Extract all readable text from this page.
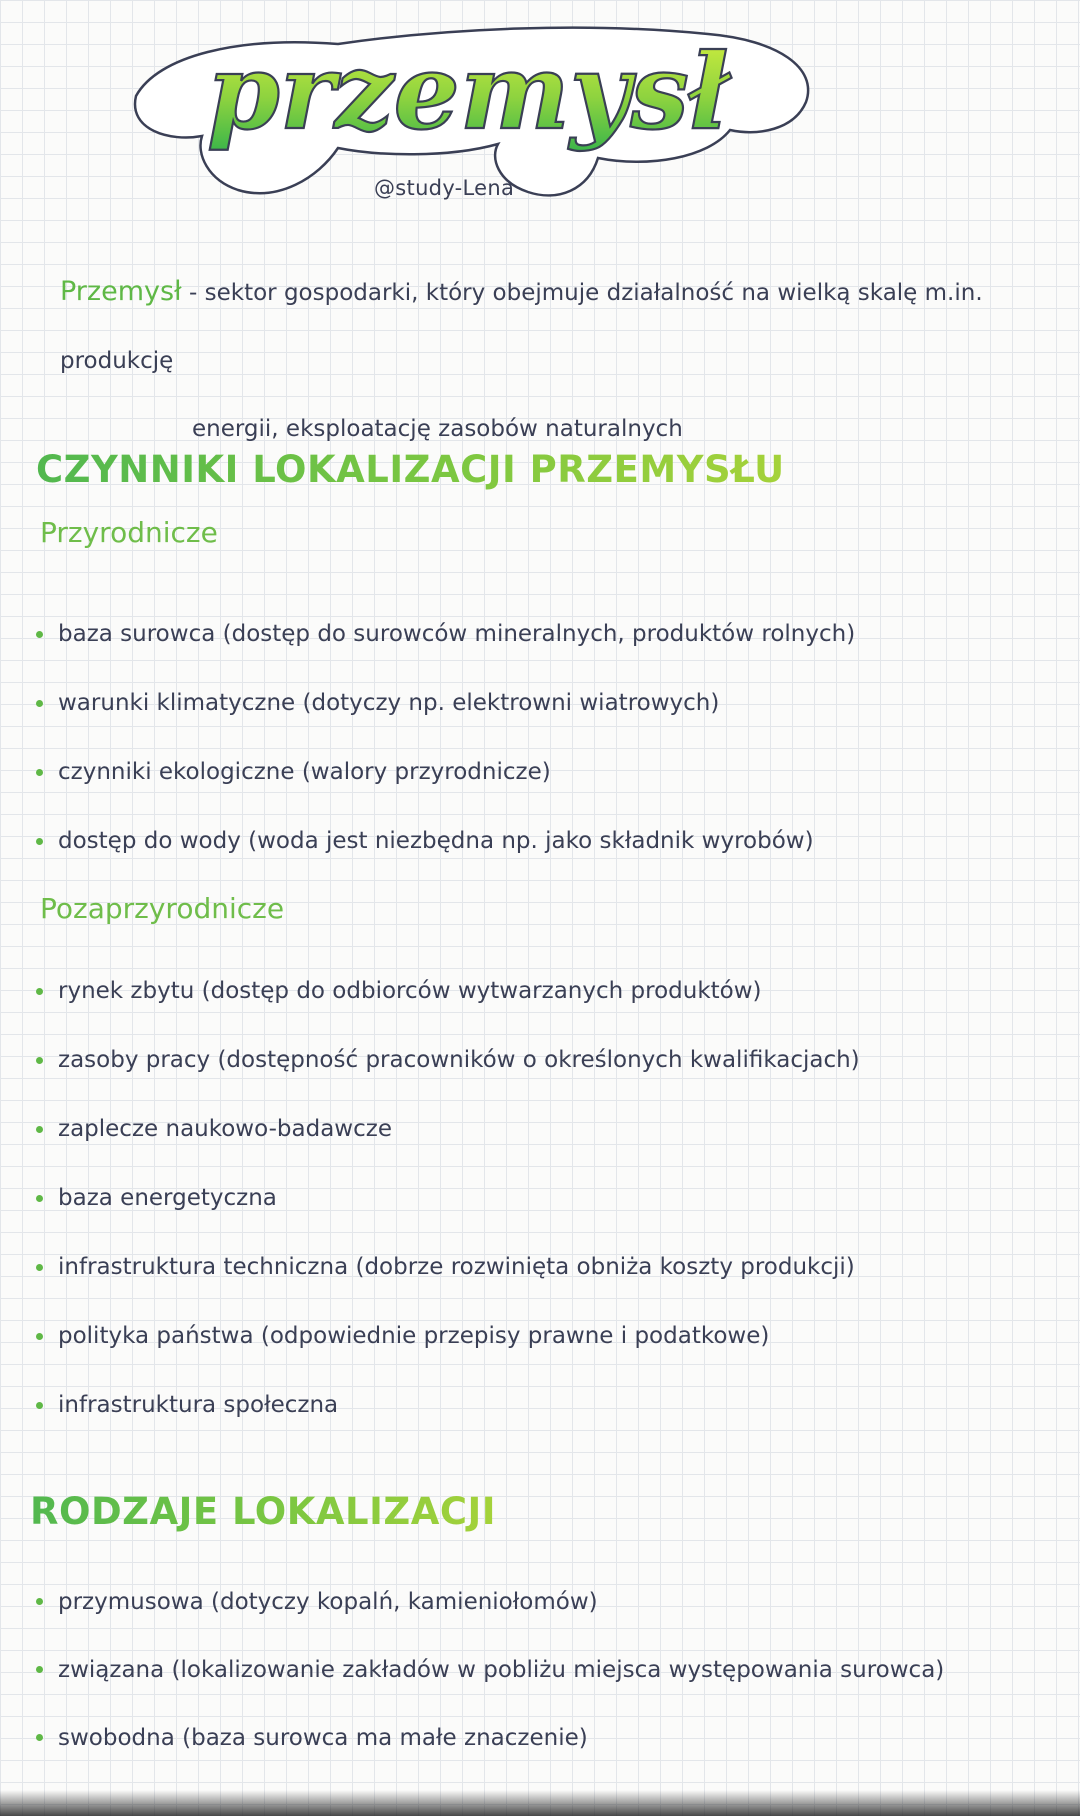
przemysł
@study-Lena
Przemysł - sektor gospodarki, który obejmuje działalność na wielką skalę m.in. produkcję
energii, eksploatację zasobów naturalnych
CZYNNIKI LOKALIZACJI PRZEMYSŁU
Przyrodnicze
baza surowca (dostęp do surowców mineralnych, produktów rolnych)
warunki klimatyczne (dotyczy np. elektrowni wiatrowych)
czynniki ekologiczne (walory przyrodnicze)
dostęp do wody (woda jest niezbędna np. jako składnik wyrobów)
Pozaprzyrodnicze
rynek zbytu (dostęp do odbiorców wytwarzanych produktów)
zasoby pracy (dostępność pracowników o określonych kwalifikacjach)
zaplecze naukowo-badawcze
baza energetyczna
infrastruktura techniczna (dobrze rozwinięta obniża koszty produkcji)
polityka państwa (odpowiednie przepisy prawne i podatkowe)
infrastruktura społeczna
RODZAJE LOKALIZACJI
przymusowa (dotyczy kopalń, kamieniołomów)
związana (lokalizowanie zakładów w pobliżu miejsca występowania surowca)
swobodna (baza surowca ma małe znaczenie)
